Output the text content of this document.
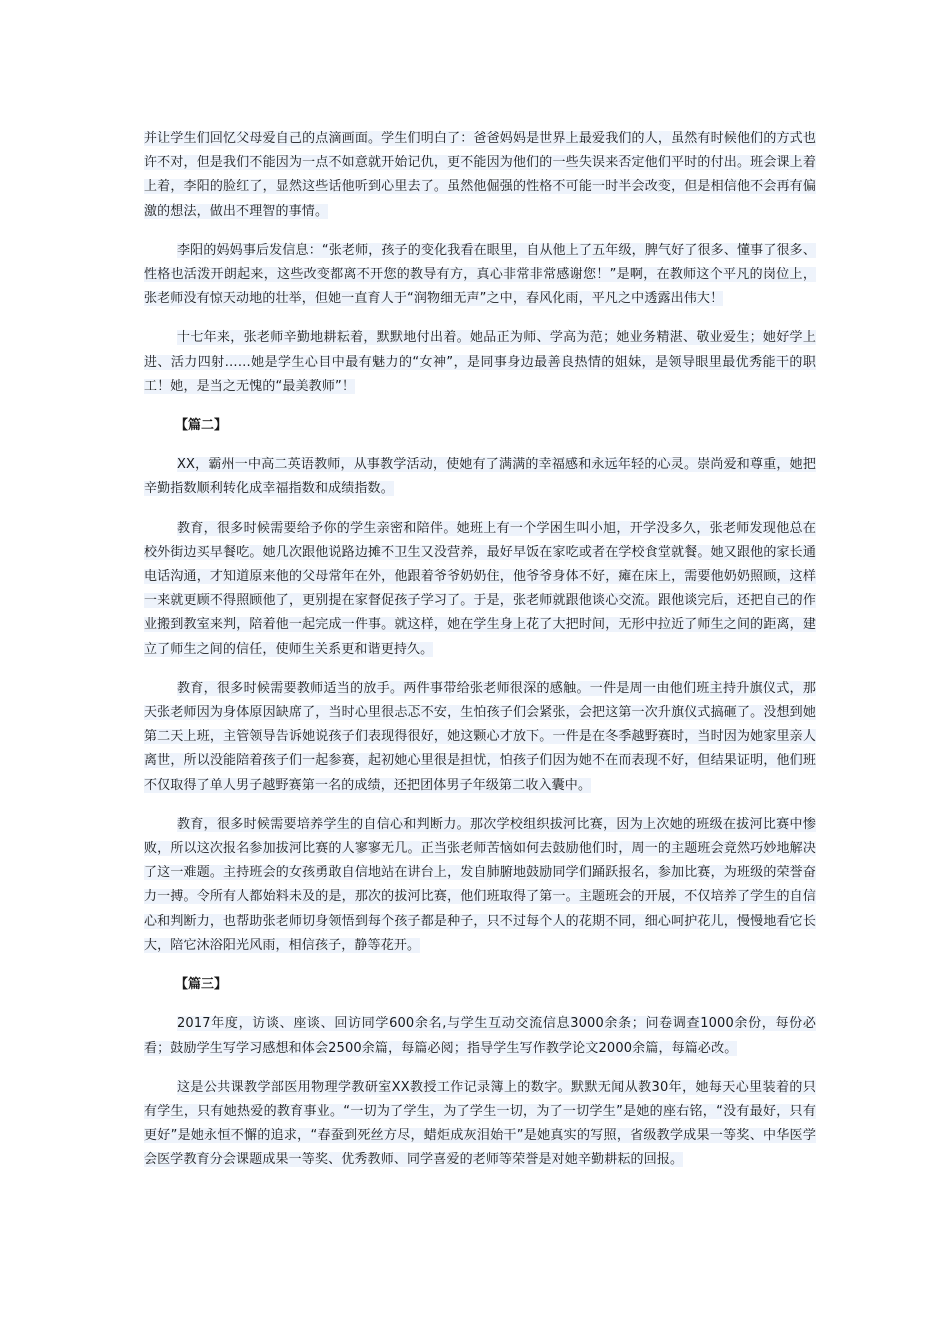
并让学生们回忆父母爱自己的点滴画面。学生们明白了：爸爸妈妈是世界上最爱我们的人，虽然有时候他们的方式也许不对，但是我们不能因为一点不如意就开始记仇，更不能因为他们的一些失误来否定他们平时的付出。班会课上着上着，李阳的脸红了，显然这些话他听到心里去了。虽然他倔强的性格不可能一时半会改变，但是相信他不会再有偏激的想法，做出不理智的事情。

李阳的妈妈事后发信息：“张老师，孩子的变化我看在眼里，自从他上了五年级，脾气好了很多、懂事了很多、性格也活泼开朗起来，这些改变都离不开您的教导有方，真心非常非常感谢您！”是啊，在教师这个平凡的岗位上，张老师没有惊天动地的壮举，但她一直育人于“润物细无声”之中，春风化雨，平凡之中透露出伟大！

十七年来，张老师辛勤地耕耘着，默默地付出着。她品正为师、学高为范；她业务精湛、敬业爱生；她好学上进、活力四射……她是学生心目中最有魅力的“女神”，是同事身边最善良热情的姐妹，是领导眼里最优秀能干的职工！她，是当之无愧的“最美教师”！

【篇二】

XX，霸州一中高二英语教师，从事教学活动，使她有了满满的幸福感和永远年轻的心灵。崇尚爱和尊重，她把辛勤指数顺利转化成幸福指数和成绩指数。

教育，很多时候需要给予你的学生亲密和陪伴。她班上有一个学困生叫小旭，开学没多久，张老师发现他总在校外街边买早餐吃。她几次跟他说路边摊不卫生又没营养，最好早饭在家吃或者在学校食堂就餐。她又跟他的家长通电话沟通，才知道原来他的父母常年在外，他跟着爷爷奶奶住，他爷爷身体不好，瘫在床上，需要他奶奶照顾，这样一来就更顾不得照顾他了，更别提在家督促孩子学习了。于是，张老师就跟他谈心交流。跟他谈完后，还把自己的作业搬到教室来判，陪着他一起完成一件事。就这样，她在学生身上花了大把时间，无形中拉近了师生之间的距离，建立了师生之间的信任，使师生关系更和谐更持久。

教育，很多时候需要教师适当的放手。两件事带给张老师很深的感触。一件是周一由他们班主持升旗仪式，那天张老师因为身体原因缺席了，当时心里很忐忑不安，生怕孩子们会紧张，会把这第一次升旗仪式搞砸了。没想到她第二天上班，主管领导告诉她说孩子们表现得很好，她这颗心才放下。一件是在冬季越野赛时，当时因为她家里亲人离世，所以没能陪着孩子们一起参赛，起初她心里很是担忧，怕孩子们因为她不在而表现不好，但结果证明，他们班不仅取得了单人男子越野赛第一名的成绩，还把团体男子年级第二收入囊中。

教育，很多时候需要培养学生的自信心和判断力。那次学校组织拔河比赛，因为上次她的班级在拔河比赛中惨败，所以这次报名参加拔河比赛的人寥寥无几。正当张老师苦恼如何去鼓励他们时，周一的主题班会竟然巧妙地解决了这一难题。主持班会的女孩勇敢自信地站在讲台上，发自肺腑地鼓励同学们踊跃报名，参加比赛，为班级的荣誉奋力一搏。令所有人都始料未及的是，那次的拔河比赛，他们班取得了第一。主题班会的开展，不仅培养了学生的自信心和判断力，也帮助张老师切身领悟到每个孩子都是种子，只不过每个人的花期不同，细心呵护花儿，慢慢地看它长大，陪它沐浴阳光风雨，相信孩子，静等花开。

【篇三】

2017年度，访谈、座谈、回访同学600余名,与学生互动交流信息3000余条；问卷调查1000余份，每份必看；鼓励学生写学习感想和体会2500余篇，每篇必阅；指导学生写作教学论文2000余篇，每篇必改。

这是公共课教学部医用物理学教研室XX教授工作记录簿上的数字。默默无闻从教30年，她每天心里装着的只有学生，只有她热爱的教育事业。“一切为了学生，为了学生一切，为了一切学生”是她的座右铭，“没有最好，只有更好”是她永恒不懈的追求，“春蚕到死丝方尽，蜡炬成灰泪始干”是她真实的写照，省级教学成果一等奖、中华医学会医学教育分会课题成果一等奖、优秀教师、同学喜爱的老师等荣誉是对她辛勤耕耘的回报。
